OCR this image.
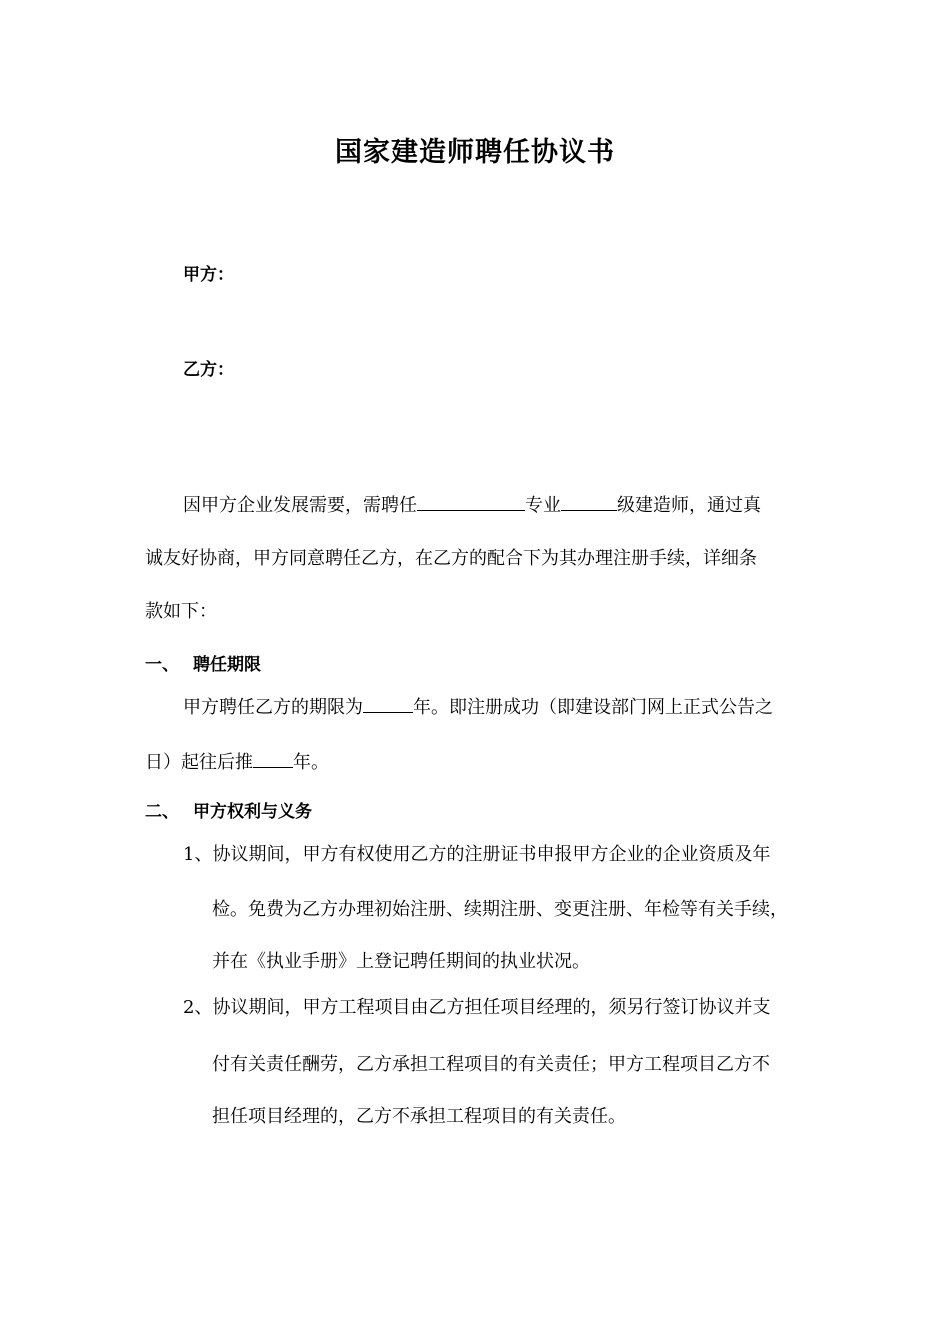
国家建造师聘任协议书
甲方：
乙方：
因甲方企业发展需要，需聘任	专业	级建造师，通过真
诚友好协商，甲方同意聘任乙方，在乙方的配合下为其办理注册手续，详细条
款如下：
一、 聘任期限
甲方聘任乙方的期限为	年。即注册成功（即建设部门网上正式公告之
日）起往后推 年。
二、 甲方权利与义务
1、协议期间，甲方有权使用乙方的注册证书申报甲方企业的企业资质及年
检。免费为乙方办理初始注册、续期注册、变更注册、年检等有关手续，
并在《执业手册》上登记聘任期间的执业状况。
2、协议期间，甲方工程项目由乙方担任项目经理的，须另行签订协议并支
付有关责任酬劳，乙方承担工程项目的有关责任；甲方工程项目乙方不
担任项目经理的，乙方不承担工程项目的有关责任。
